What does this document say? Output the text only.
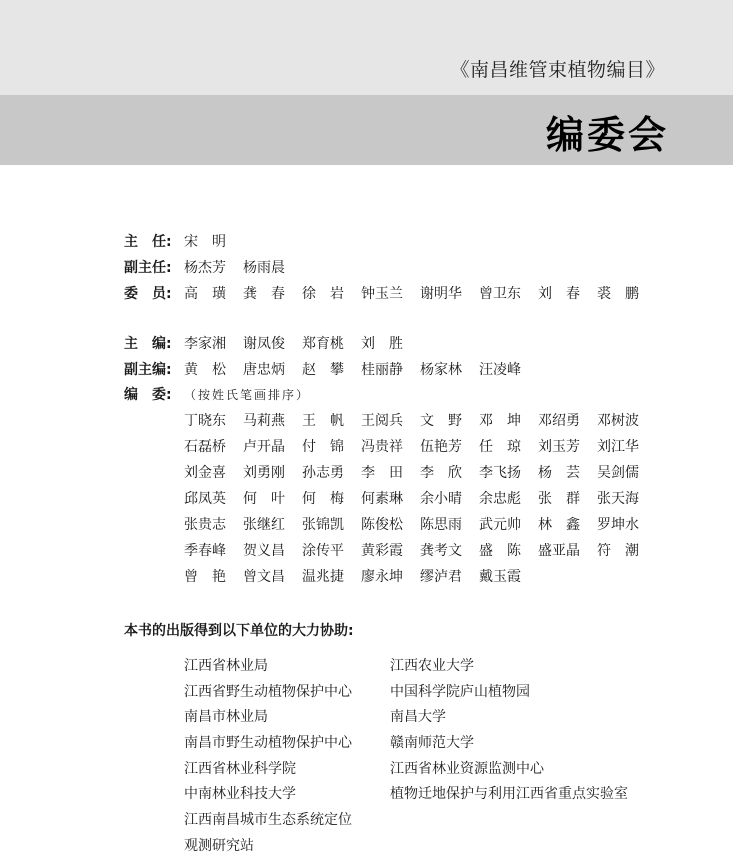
《南昌维管束植物编目》
编委会
主　任: 宋　明
副主任: 杨杰芳 杨雨晨
委　员: 高　璜 龚　春 徐　岩 钟玉兰 谢明华 曾卫东 刘　春 裘　鹏
主　编: 李家湘 谢凤俊 郑育桃 刘　胜
副主编: 黄　松 唐忠炳 赵　攀 桂丽静 杨家林 汪凌峰
编　委: （按姓氏笔画排序）
丁晓东 马莉燕 王　帆 王阅兵 文　野 邓　坤 邓绍勇 邓树波
石磊桥 卢开晶 付　锦 冯贵祥 伍艳芳 任　琼 刘玉芳 刘江华
刘金喜 刘勇刚 孙志勇 李　田 李　欣 李飞扬 杨　芸 吴剑儒
邱凤英 何　叶 何　梅 何素琳 余小晴 余忠彪 张　群 张天海
张贵志 张继红 张锦凯 陈俊松 陈思雨 武元帅 林　鑫 罗坤水
季春峰 贺义昌 涂传平 黄彩霞 龚考文 盛　陈 盛亚晶 符　潮
曾　艳 曾文昌 温兆捷 廖永坤 缪泸君 戴玉霞
本书的出版得到以下单位的大力协助:
江西省林业局
江西省野生动植物保护中心
南昌市林业局
南昌市野生动植物保护中心
江西省林业科学院
中南林业科技大学
江西南昌城市生态系统定位
观测研究站
江西农业大学
中国科学院庐山植物园
南昌大学
赣南师范大学
江西省林业资源监测中心
植物迁地保护与利用江西省重点实验室
